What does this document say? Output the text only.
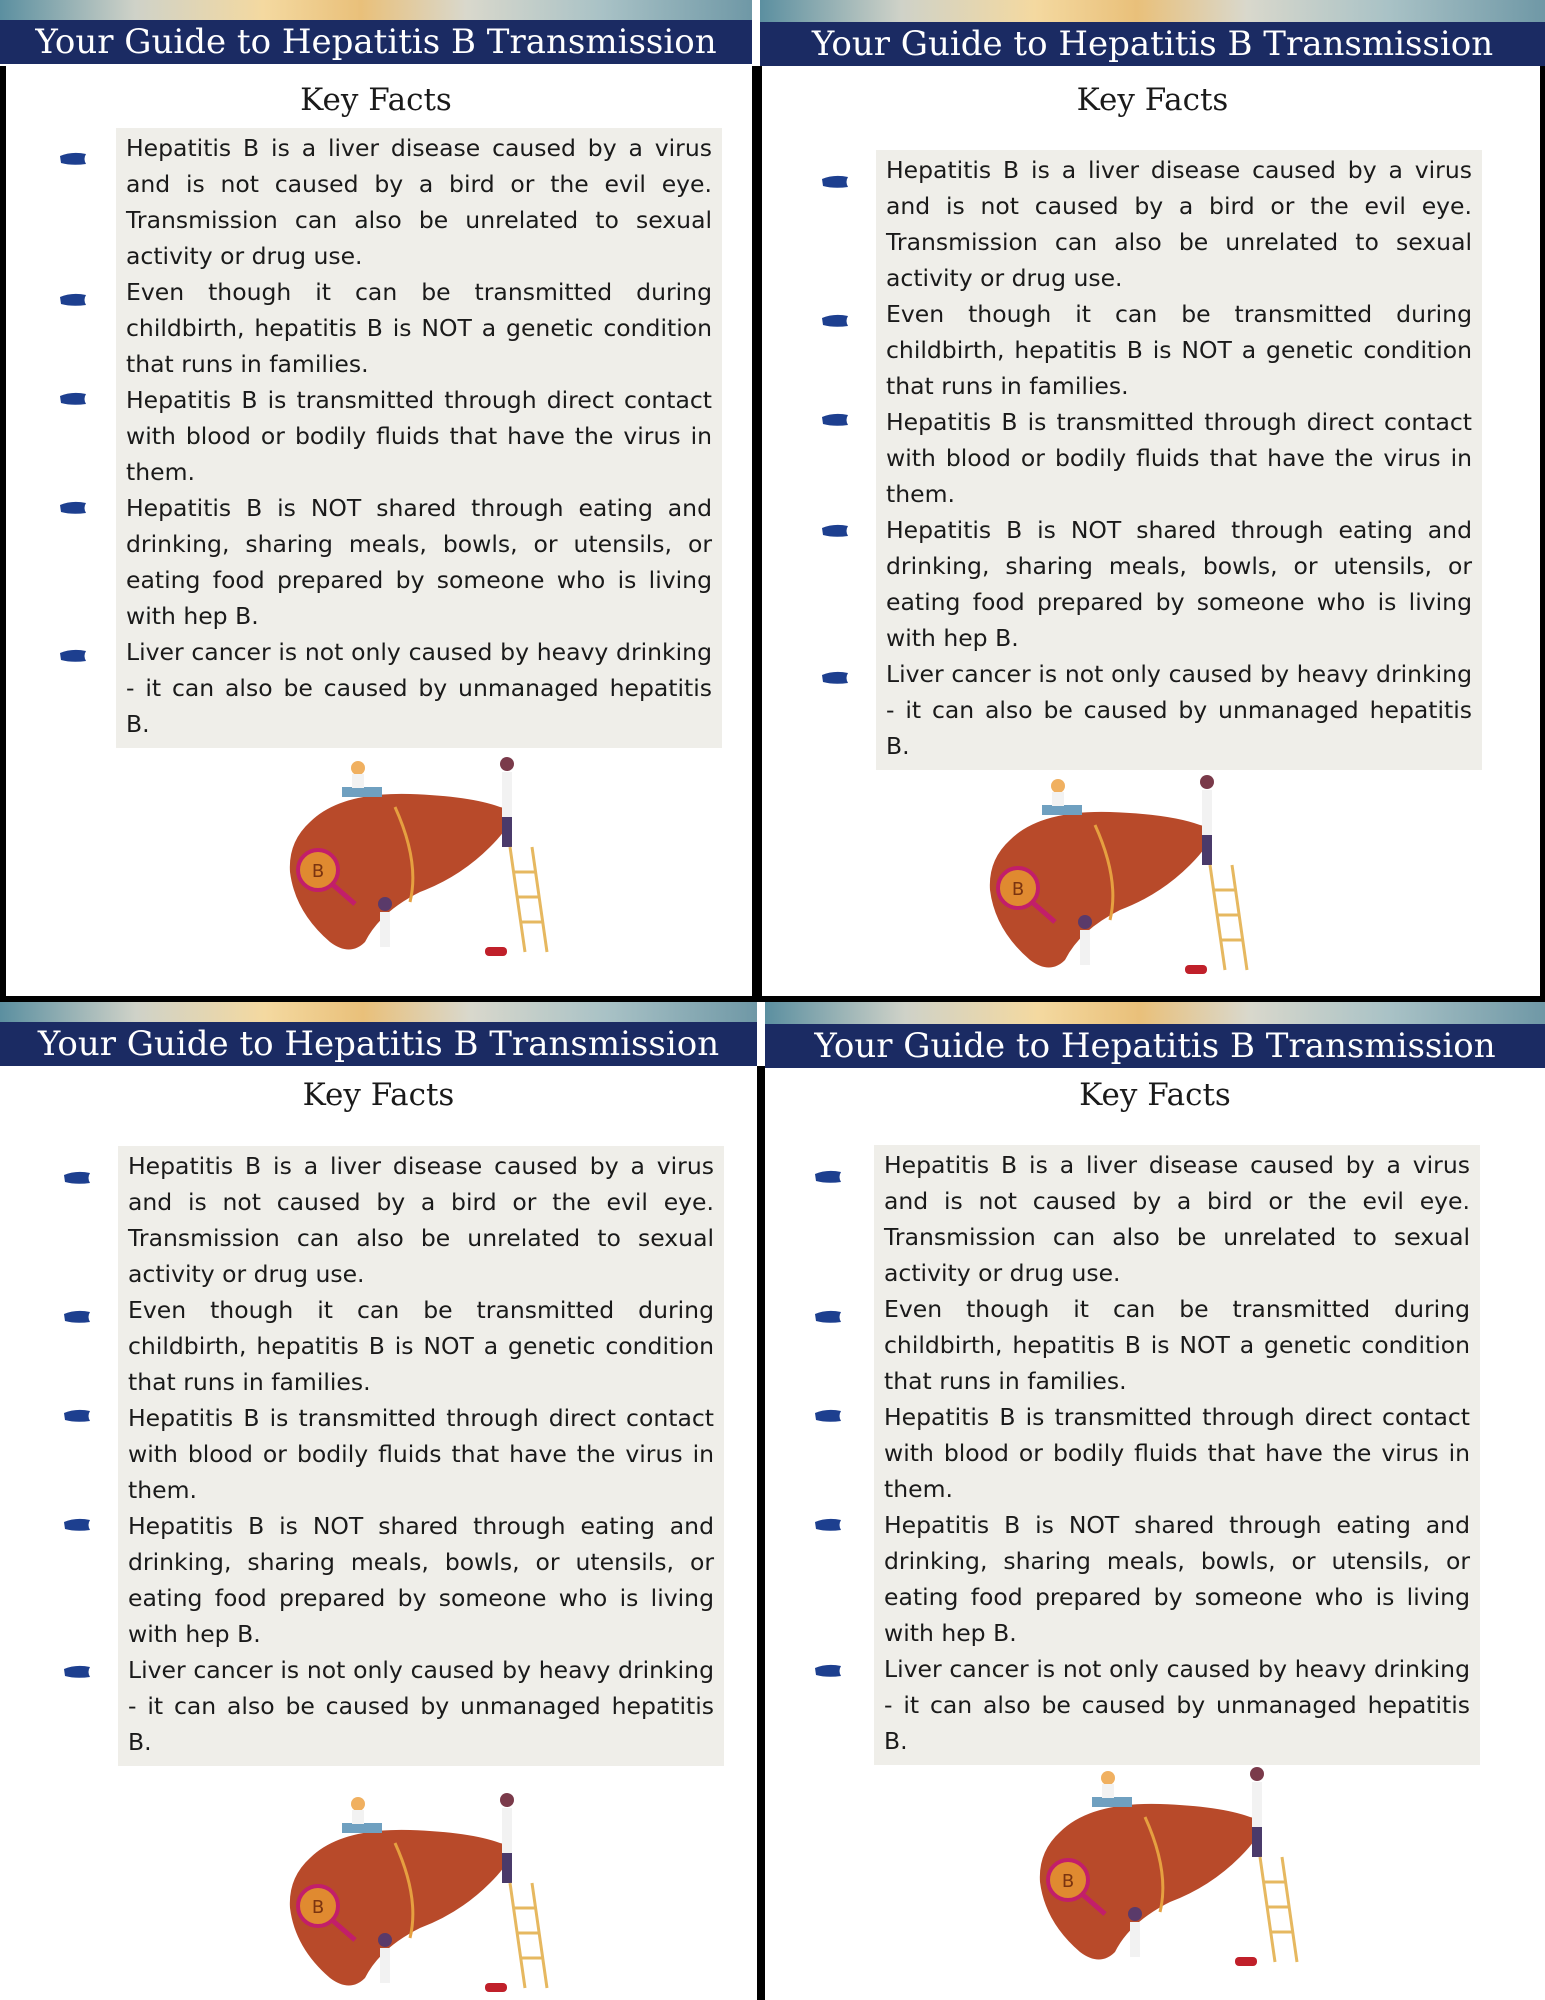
Your Guide to Hepatitis B Transmission
Key Facts

Hepatitis B is a liver disease caused by a virus and is not caused by a bird or the evil eye. Transmission can also be unrelated to sexual activity or drug use.

Even though it can be transmitted during childbirth, hepatitis B is NOT a genetic condition that runs in families.

Hepatitis B is transmitted through direct contact with blood or bodily fluids that have the virus in them.

Hepatitis B is NOT shared through eating and drinking, sharing meals, bowls, or utensils, or eating food prepared by someone who is living with hep B.

Liver cancer is not only caused by heavy drinking - it can also be caused by unmanaged hepatitis B.

B
Your Guide to Hepatitis B Transmission
Key Facts

Hepatitis B is a liver disease caused by a virus and is not caused by a bird or the evil eye. Transmission can also be unrelated to sexual activity or drug use.

Even though it can be transmitted during childbirth, hepatitis B is NOT a genetic condition that runs in families.

Hepatitis B is transmitted through direct contact with blood or bodily fluids that have the virus in them.

Hepatitis B is NOT shared through eating and drinking, sharing meals, bowls, or utensils, or eating food prepared by someone who is living with hep B.

Liver cancer is not only caused by heavy drinking - it can also be caused by unmanaged hepatitis B.

B
Your Guide to Hepatitis B Transmission
Key Facts

Hepatitis B is a liver disease caused by a virus and is not caused by a bird or the evil eye. Transmission can also be unrelated to sexual activity or drug use.

Even though it can be transmitted during childbirth, hepatitis B is NOT a genetic condition that runs in families.

Hepatitis B is transmitted through direct contact with blood or bodily fluids that have the virus in them.

Hepatitis B is NOT shared through eating and drinking, sharing meals, bowls, or utensils, or eating food prepared by someone who is living with hep B.

Liver cancer is not only caused by heavy drinking - it can also be caused by unmanaged hepatitis B.

B
Your Guide to Hepatitis B Transmission
Key Facts

Hepatitis B is a liver disease caused by a virus and is not caused by a bird or the evil eye. Transmission can also be unrelated to sexual activity or drug use.

Even though it can be transmitted during childbirth, hepatitis B is NOT a genetic condition that runs in families.

Hepatitis B is transmitted through direct contact with blood or bodily fluids that have the virus in them.

Hepatitis B is NOT shared through eating and drinking, sharing meals, bowls, or utensils, or eating food prepared by someone who is living with hep B.

Liver cancer is not only caused by heavy drinking - it can also be caused by unmanaged hepatitis B.

B
